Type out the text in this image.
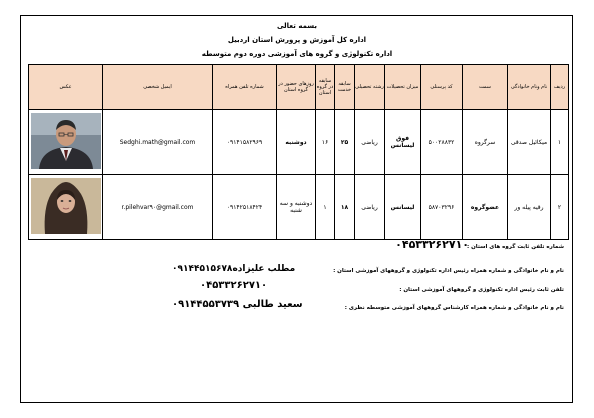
بسمه تعالی
اداره کل آموزش و پرورش استان اردبیل
اداره تکنولوژی و گروه های آموزشی دوره دوم متوسطه
ردیف	نام ونام خانوادگی	سمت	کد پرسنلی	میزان تحصیلات	رشته تحصیلی	سابقه خدمت	سابقه در گروه استان	روزهای حضور در گروه استان	شماره تلفن همراه	ایمیل شخصی	عکس
۱	میکائیل صدقی	سرگروه	۵۰۰۲۸۸۳۲	فوق لیسانس	ریاضی	۲۵	۱۶	دوشنبه	۰۹۱۴۱۵۸۲۹۶۹	Sedghi.math@gmail.com	
۲	رقیه پیله ور	عضوگروه	۵۸۷۰۳۲۹۶	لیسانس	ریاضی	۱۸	۱	دوشنبه و سه شنبه	۰۹۱۴۲۵۱۸۴۲۴	r.pilehvar۹۰@gmail.com	
شماره تلفن ثابت گروه های استان :
۰۴۵۳۳۲۶۲۷۱۰
نام و نام خانوادگی و شماره همراه رئیس اداره تکنولوژی و گروههای آموزشی استان :
مطلب علیزاده۰۹۱۴۴۵۱۵۶۷۸
تلفن ثابت رئیس اداره تکنولوژی و گروههای آموزشی استان :
۰۴۵۳۳۲۶۲۷۱۰
نام و نام خانوادگی و شماره همراه کارشناس گروههای آموزشی متوسطه نظری :
سعید طالبی ۰۹۱۴۴۵۵۳۷۳۹
